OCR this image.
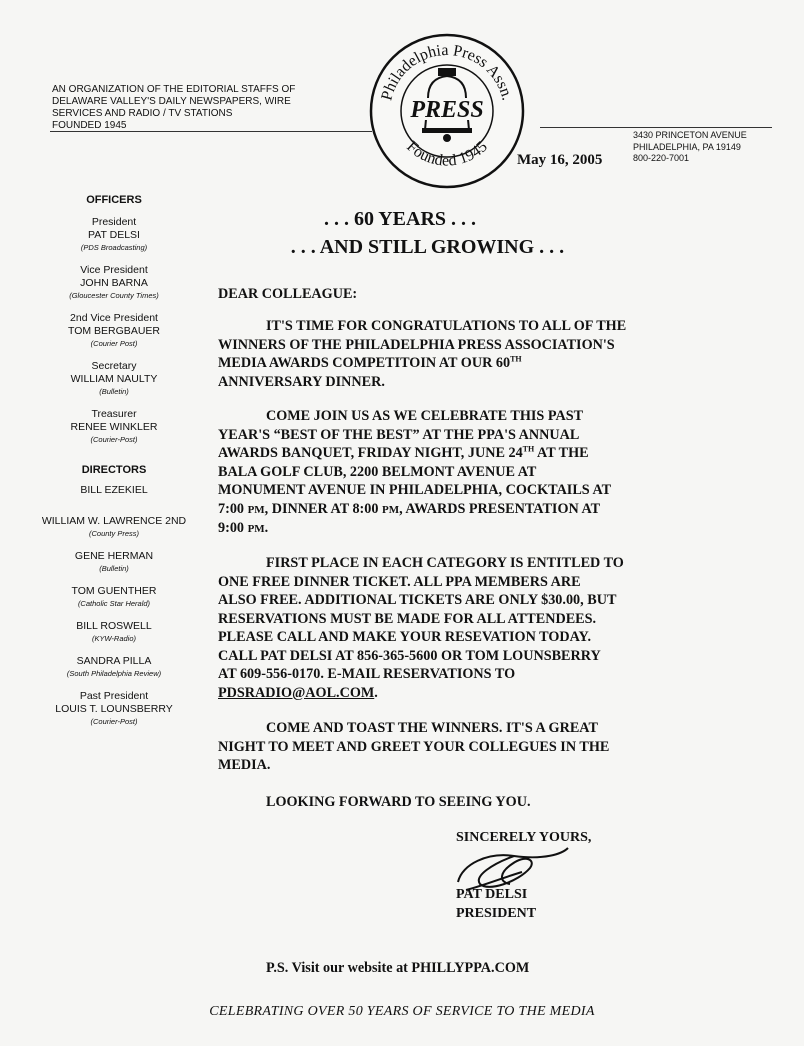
AN ORGANIZATION OF THE EDITORIAL STAFFS OF
DELAWARE VALLEY'S DAILY NEWSPAPERS, WIRE
SERVICES AND RADIO / TV STATIONS
FOUNDED 1945
Philadelphia Press Assn.
Founded 1945
PRESS
3430 PRINCETON AVENUE
PHILADELPHIA, PA 19149
800-220-7001
May 16, 2005
OFFICERS
President
PAT DELSI
(PDS Broadcasting)
Vice President
JOHN BARNA
(Gloucester County Times)
2nd Vice President
TOM BERGBAUER
(Courier Post)
Secretary
WILLIAM NAULTY
(Bulletin)
Treasurer
RENEE WINKLER
(Courier-Post)
DIRECTORS
BILL EZEKIEL
WILLIAM W. LAWRENCE 2ND
(County Press)
GENE HERMAN
(Bulletin)
TOM GUENTHER
(Catholic Star Herald)
BILL ROSWELL
(KYW-Radio)
SANDRA PILLA
(South Philadelphia Review)
Past President
LOUIS T. LOUNSBERRY
(Courier-Post)
. . . 60 YEARS . . .
. . . AND STILL GROWING . . .
DEAR COLLEAGUE:
IT'S TIME FOR CONGRATULATIONS TO ALL OF THE
WINNERS OF THE PHILADELPHIA PRESS ASSOCIATION'S
MEDIA AWARDS COMPETITOIN AT OUR 60TH
ANNIVERSARY DINNER.
COME JOIN US AS WE CELEBRATE THIS PAST
YEAR'S “BEST OF THE BEST” AT THE PPA'S ANNUAL
AWARDS BANQUET, FRIDAY NIGHT, JUNE 24TH AT THE
BALA GOLF CLUB, 2200 BELMONT AVENUE AT
MONUMENT AVENUE IN PHILADELPHIA, COCKTAILS AT
7:00 PM, DINNER AT 8:00 PM, AWARDS PRESENTATION AT
9:00 PM.
FIRST PLACE IN EACH CATEGORY IS ENTITLED TO
ONE FREE DINNER TICKET. ALL PPA MEMBERS ARE
ALSO FREE. ADDITIONAL TICKETS ARE ONLY $30.00, BUT
RESERVATIONS MUST BE MADE FOR ALL ATTENDEES.
PLEASE CALL AND MAKE YOUR RESEVATION TODAY.
CALL PAT DELSI AT 856-365-5600 OR TOM LOUNSBERRY
AT 609-556-0170. E-MAIL RESERVATIONS TO
PDSRADIO@AOL.COM.
COME AND TOAST THE WINNERS. IT'S A GREAT
NIGHT TO MEET AND GREET YOUR COLLEGUES IN THE
MEDIA.
LOOKING FORWARD TO SEEING YOU.
SINCERELY YOURS,
PAT DELSI
PRESIDENT
P.S. Visit our website at PHILLYPPA.COM
CELEBRATING OVER 50 YEARS OF SERVICE TO THE MEDIA
